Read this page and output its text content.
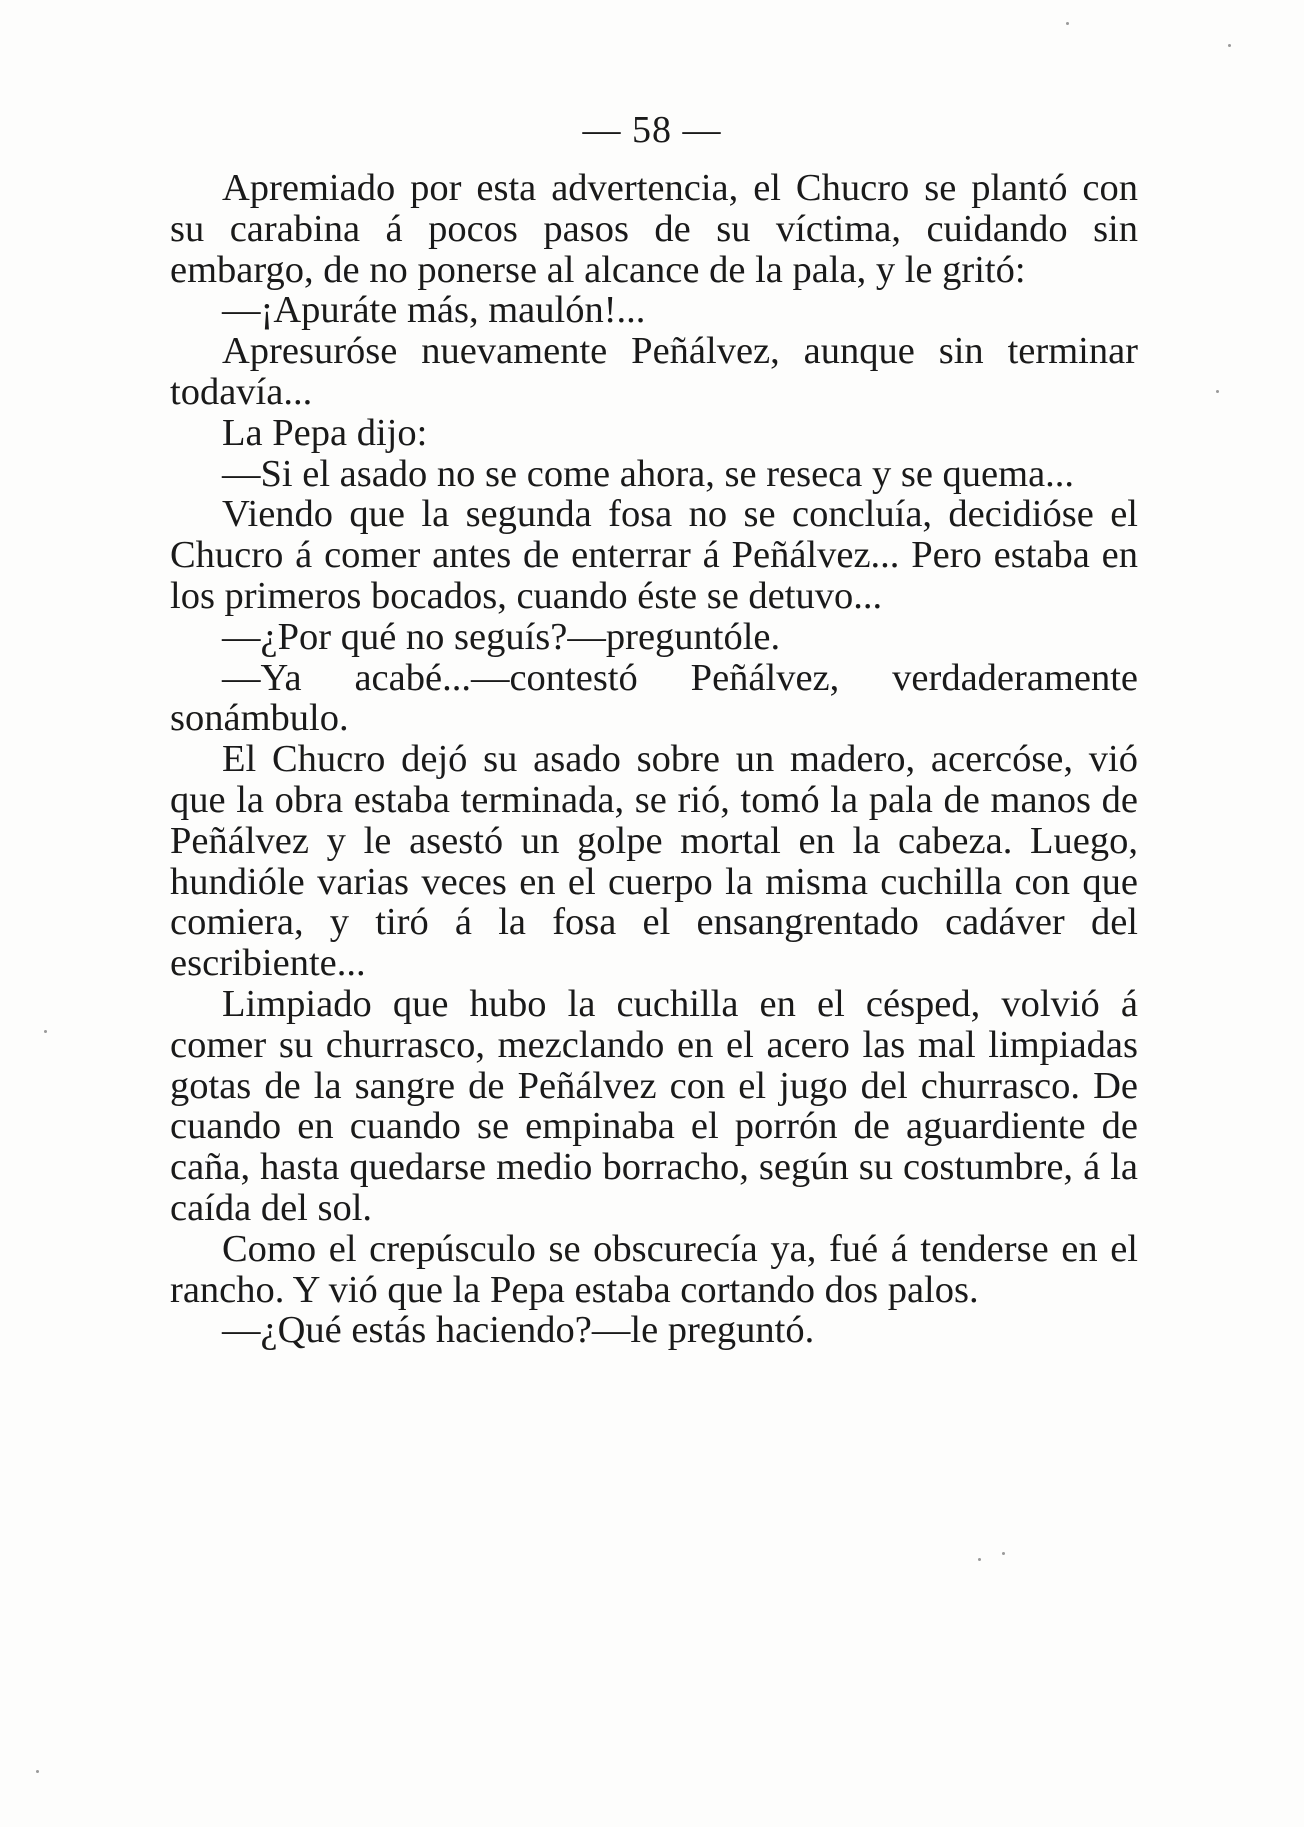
— 58 —

Apremiado por esta advertencia, el Chucro se plantó con su carabina á pocos pasos de su víctima, cuidando sin embargo, de no ponerse al alcance de la pala, y le gritó:

—¡Apuráte más, maulón!...

Apresuróse nuevamente Peñálvez, aunque sin terminar todavía...

La Pepa dijo:

—Si el asado no se come ahora, se reseca y se quema...

Viendo que la segunda fosa no se concluía, decidióse el Chucro á comer antes de enterrar á Peñálvez... Pero estaba en los primeros bocados, cuando éste se detuvo...

—¿Por qué no seguís?—preguntóle.

—Ya acabé...—contestó Peñálvez, verdaderamente sonámbulo.

El Chucro dejó su asado sobre un madero, acercóse, vió que la obra estaba terminada, se rió, tomó la pala de manos de Peñálvez y le asestó un golpe mortal en la cabeza. Luego, hundióle varias veces en el cuerpo la misma cuchilla con que comiera, y tiró á la fosa el ensangrentado cadáver del escribiente...

Limpiado que hubo la cuchilla en el césped, volvió á comer su churrasco, mezclando en el acero las mal limpiadas gotas de la sangre de Peñálvez con el jugo del churrasco. De cuando en cuando se empinaba el porrón de aguardiente de caña, hasta quedarse medio borracho, según su costumbre, á la caída del sol.

Como el crepúsculo se obscurecía ya, fué á tenderse en el rancho. Y vió que la Pepa estaba cortando dos palos.

—¿Qué estás haciendo?—le preguntó.
